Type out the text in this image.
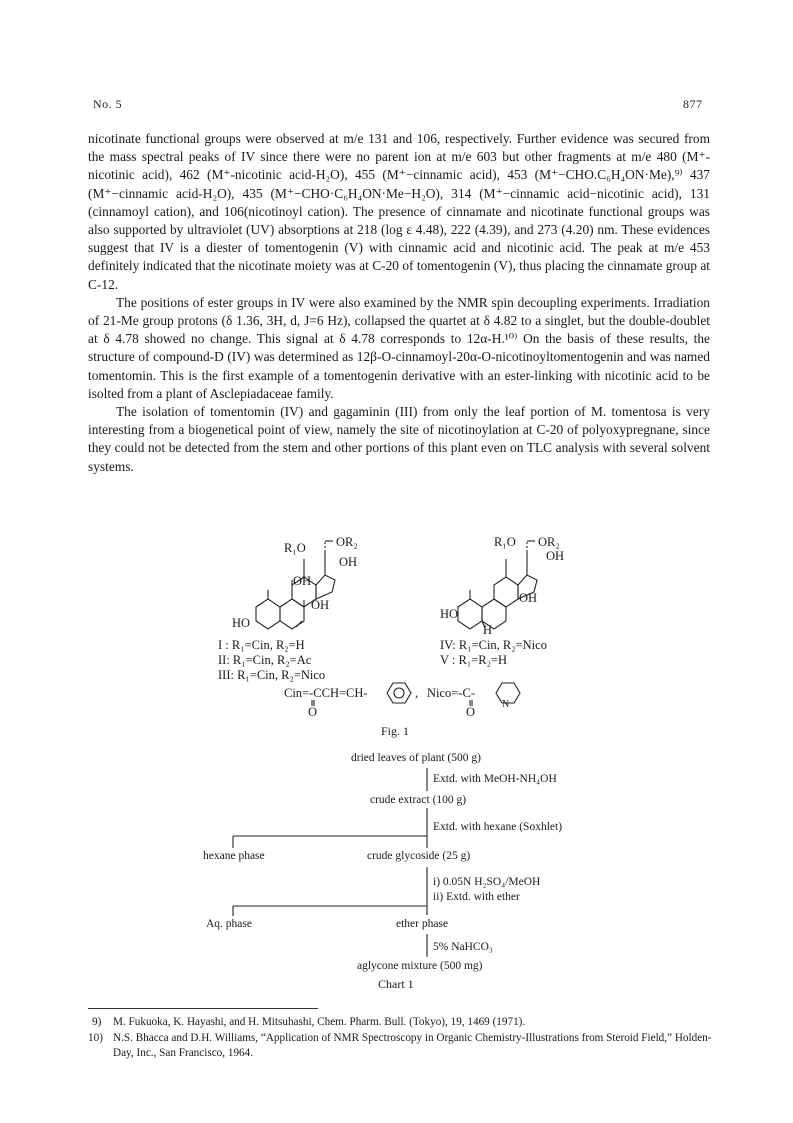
No. 5	877

nicotinate functional groups were observed at m/e 131 and 106, respectively. Further evidence was secured from the mass spectral peaks of IV since there were no parent ion at m/e 603 but other fragments at m/e 480 (M⁺-nicotinic acid), 462 (M⁺-nicotinic acid-H₂O), 455 (M⁺−cinnamic acid), 453 (M⁺−CHO.C₆H₄ON·Me),⁹⁾ 437 (M⁺−cinnamic acid-H₂O), 435 (M⁺−CHO·C₆H₄ON·Me−H₂O), 314 (M⁺−cinnamic acid−nicotinic acid), 131 (cinnamoyl cation), and 106(nicotinoyl cation). The presence of cinnamate and nicotinate functional groups was also supported by ultraviolet (UV) absorptions at 218 (log ε 4.48), 222 (4.39), and 273 (4.20) nm. These evidences suggest that IV is a diester of tomentogenin (V) with cinnamic acid and nicotinic acid. The peak at m/e 453 definitely indicated that the nicotinate moiety was at C-20 of tomentogenin (V), thus placing the cinnamate group at C-12.

The positions of ester groups in IV were also examined by the NMR spin decoupling experiments. Irradiation of 21-Me group protons (δ 1.36, 3H, d, J=6 Hz), collapsed the quartet at δ 4.82 to a singlet, but the double-doublet at δ 4.78 showed no change. This signal at δ 4.78 corresponds to 12α-H.¹⁰⁾ On the basis of these results, the structure of compound-D (IV) was determined as 12β-O-cinnamoyl-20α-O-nicotinoyltomentogenin and was named tomentomin. This is the first example of a tomentogenin derivative with an ester-linking with nicotinic acid to be isolted from a plant of Asclepiadaceae family.

The isolation of tomentomin (IV) and gagaminin (III) from only the leaf portion of M. tomentosa is very interesting from a biogenetical point of view, namely the site of nicotinoylation at C-20 of polyoxypregnane, since they could not be detected from the stem and other portions of this plant even on TLC analysis with several solvent systems.

R₁O OR₂
OH
OH
OH
HO
R₁O OR₂
OH
OH
HO
H
I : R₁=Cin, R₂=H
II: R₁=Cin, R₂=Ac
III: R₁=Cin, R₂=Nico
IV: R₁=Cin, R₂=Nico
V : R₁=R₂=H
Cin=-CCH=CH-
O
, Nico=-C-
O
N
Fig. 1
dried leaves of plant (500 g)
Extd. with MeOH-NH₄OH
crude extract (100 g)
Extd. with hexane (Soxhlet)
hexane phase	crude glycoside (25 g)
i) 0.05N H₂SO₄/MeOH
ii) Extd. with ether
Aq. phase	ether phase
5% NaHCO₃
aglycone mixture (500 mg)
Chart 1
9) M. Fukuoka, K. Hayashi, and H. Mitsuhashi, Chem. Pharm. Bull. (Tokyo), 19, 1469 (1971).
10) N.S. Bhacca and D.H. Williams, “Application of NMR Spectroscopy in Organic Chemistry-Illustrations from Steroid Field,” Holden-Day, Inc., San Francisco, 1964.
